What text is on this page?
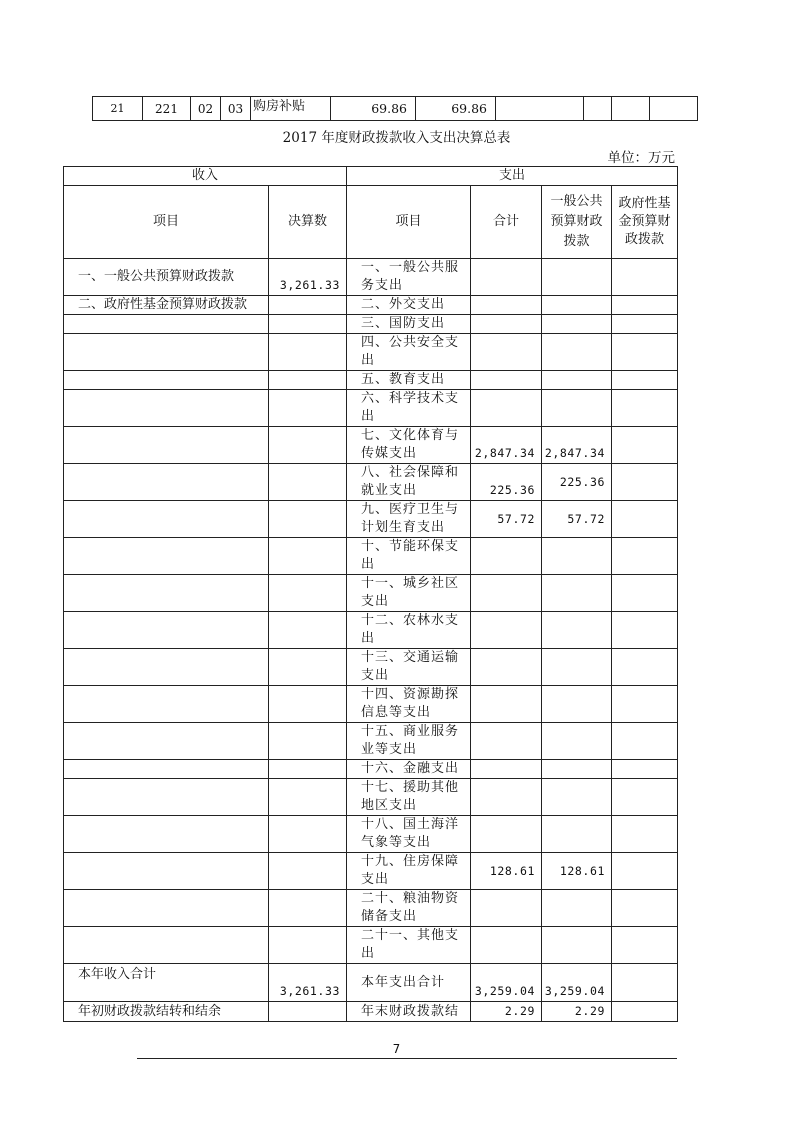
21	221	02	03	购房补贴	69.86	69.86				
2017 年度财政拨款收入支出决算总表
单位：万元
收入		支出			
项目	决算数	项目	合计	一般公共预算财政拨款	政府性基金预算财政拨款
一、一般公共预算财政拨款	3,261.33	一、一般公共服务支出			
二、政府性基金预算财政拨款		二、外交支出			
		三、国防支出			
		四、公共安全支出			
		五、教育支出			
		六、科学技术支出			
		七、文化体育与传媒支出	2,847.34	2,847.34	
		八、社会保障和就业支出	225.36	225.36	
		九、医疗卫生与计划生育支出	57.72	57.72	
		十、节能环保支出			
		十一、城乡社区支出			
		十二、农林水支出			
		十三、交通运输支出			
		十四、资源勘探信息等支出			
		十五、商业服务业等支出			
		十六、金融支出			
		十七、援助其他地区支出			
		十八、国土海洋气象等支出			
		十九、住房保障支出	128.61	128.61	
		二十、粮油物资储备支出			
		二十一、其他支出			
本年收入合计	3,261.33	本年支出合计	3,259.04	3,259.04	
年初财政拨款结转和结余		年末财政拨款结	2.29	2.29	
7
